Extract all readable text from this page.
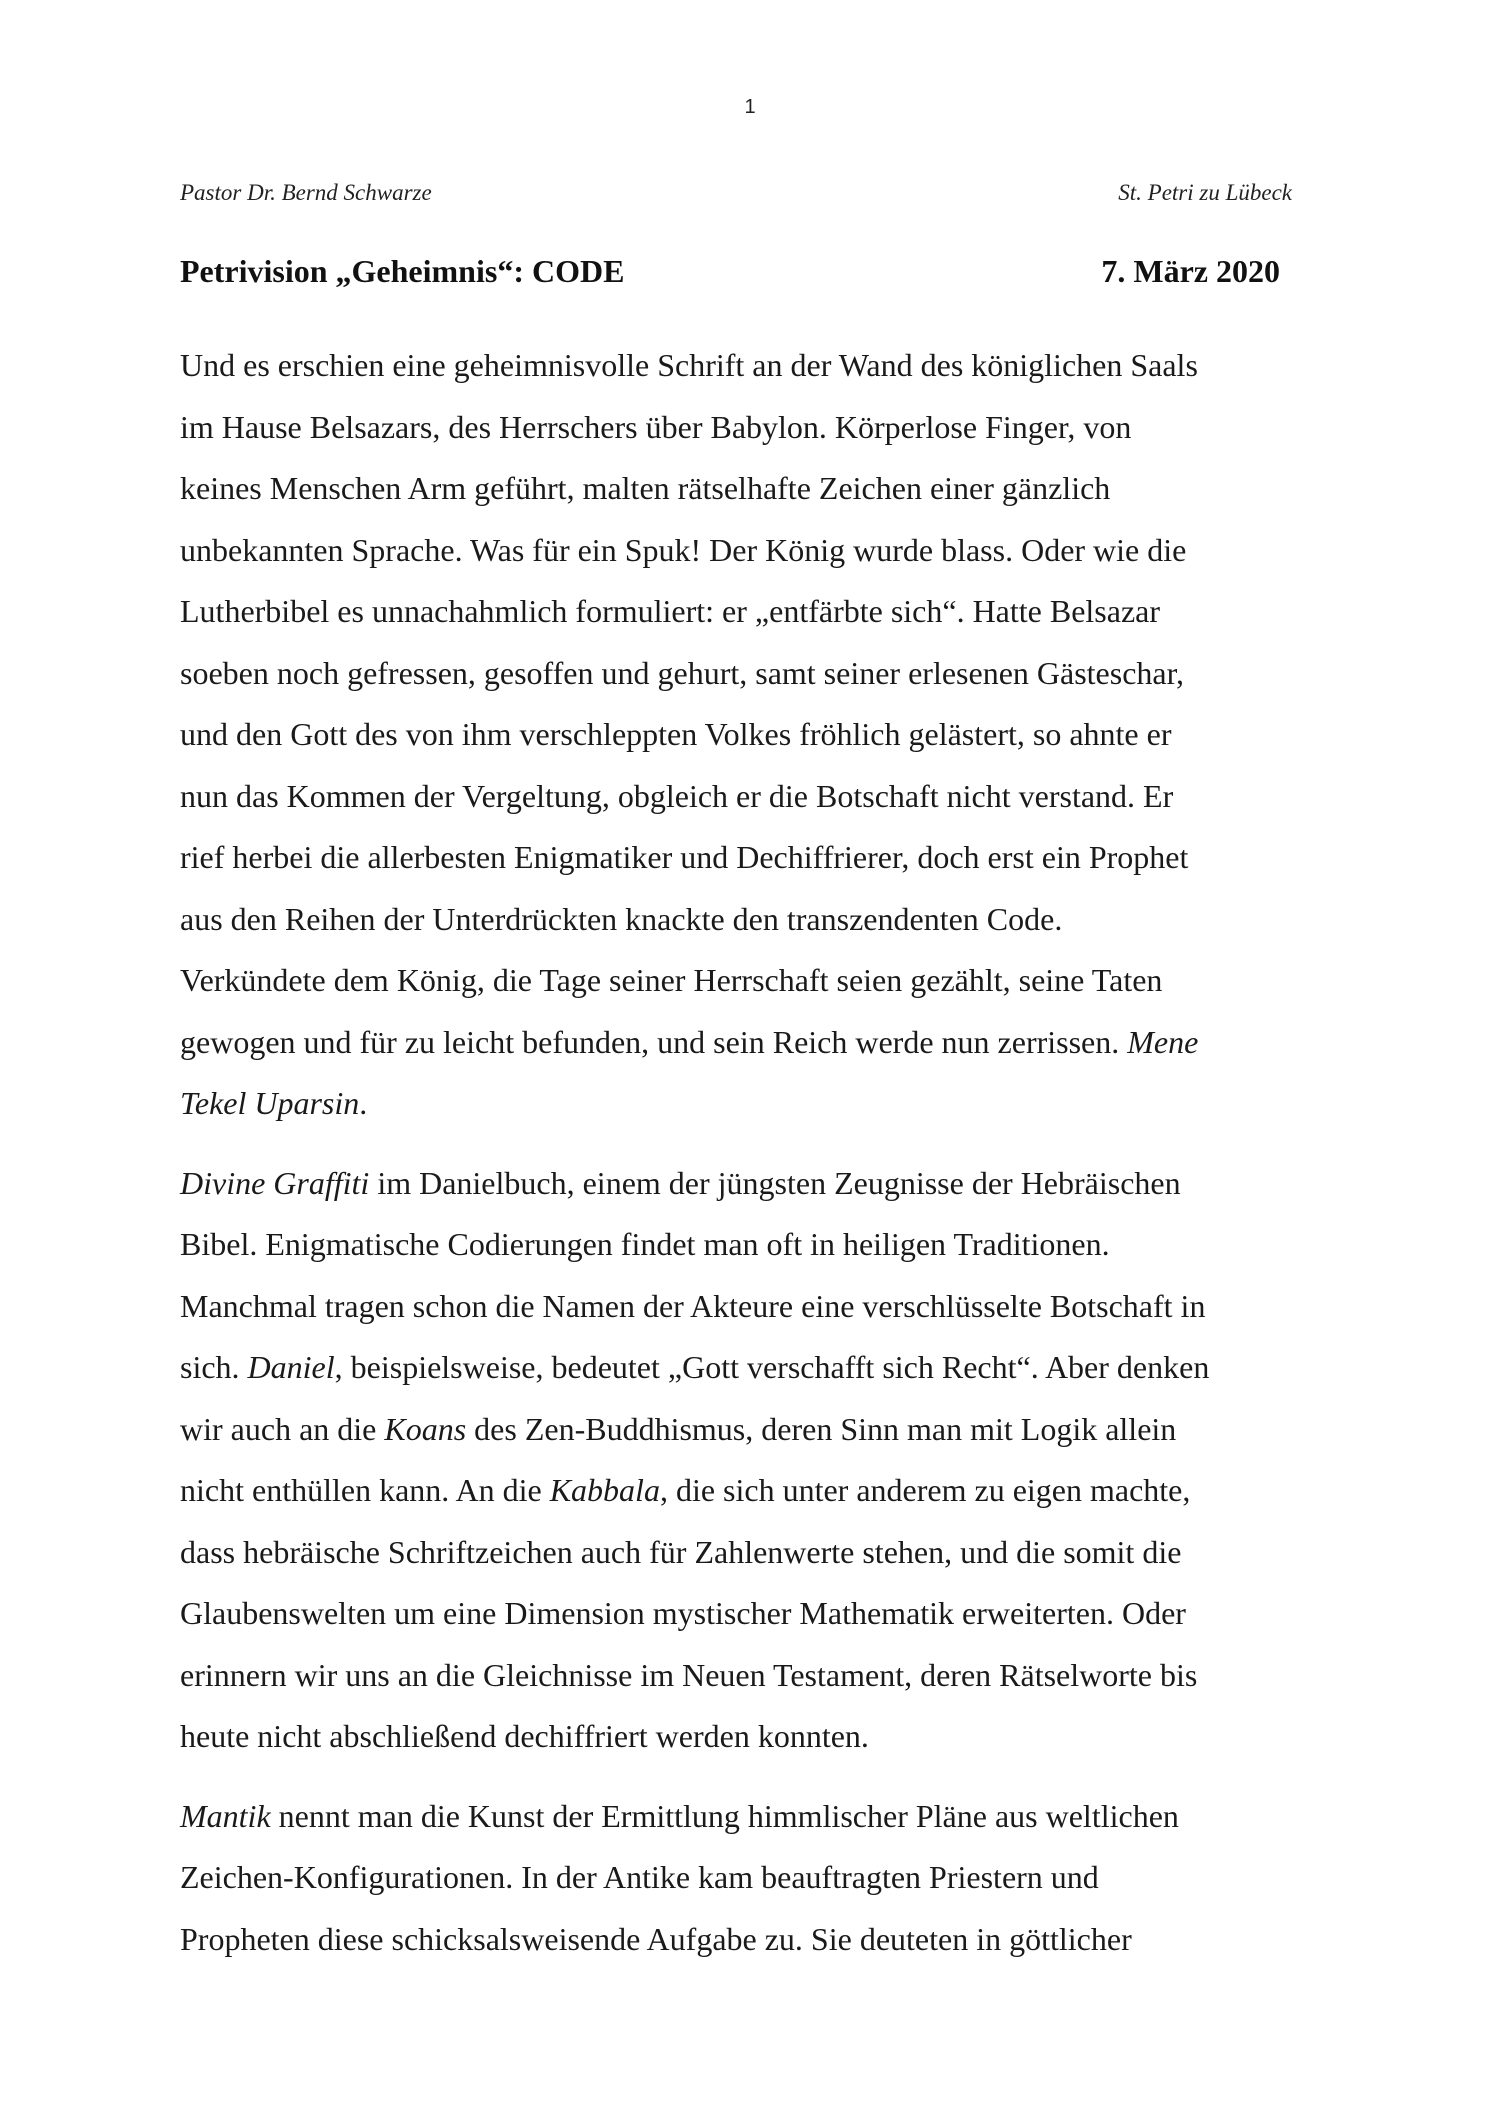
1
Pastor Dr. Bernd Schwarze	St. Petri zu Lübeck
Petrivision „Geheimnis“: CODE	7. März 2020

Und es erschien eine geheimnisvolle Schrift an der Wand des königlichen Saals
im Hause Belsazars, des Herrschers über Babylon. Körperlose Finger, von
keines Menschen Arm geführt, malten rätselhafte Zeichen einer gänzlich
unbekannten Sprache. Was für ein Spuk! Der König wurde blass. Oder wie die
Lutherbibel es unnachahmlich formuliert: er „entfärbte sich“. Hatte Belsazar
soeben noch gefressen, gesoffen und gehurt, samt seiner erlesenen Gästeschar,
und den Gott des von ihm verschleppten Volkes fröhlich gelästert, so ahnte er
nun das Kommen der Vergeltung, obgleich er die Botschaft nicht verstand. Er
rief herbei die allerbesten Enigmatiker und Dechiffrierer, doch erst ein Prophet
aus den Reihen der Unterdrückten knackte den transzendenten Code.
Verkündete dem König, die Tage seiner Herrschaft seien gezählt, seine Taten
gewogen und für zu leicht befunden, und sein Reich werde nun zerrissen. Mene
Tekel Uparsin.

Divine Graffiti im Danielbuch, einem der jüngsten Zeugnisse der Hebräischen
Bibel. Enigmatische Codierungen findet man oft in heiligen Traditionen.
Manchmal tragen schon die Namen der Akteure eine verschlüsselte Botschaft in
sich. Daniel, beispielsweise, bedeutet „Gott verschafft sich Recht“. Aber denken
wir auch an die Koans des Zen-Buddhismus, deren Sinn man mit Logik allein
nicht enthüllen kann. An die Kabbala, die sich unter anderem zu eigen machte,
dass hebräische Schriftzeichen auch für Zahlenwerte stehen, und die somit die
Glaubenswelten um eine Dimension mystischer Mathematik erweiterten. Oder
erinnern wir uns an die Gleichnisse im Neuen Testament, deren Rätselworte bis
heute nicht abschließend dechiffriert werden konnten.

Mantik nennt man die Kunst der Ermittlung himmlischer Pläne aus weltlichen
Zeichen-Konfigurationen. In der Antike kam beauftragten Priestern und
Propheten diese schicksalsweisende Aufgabe zu. Sie deuteten in göttlicher
